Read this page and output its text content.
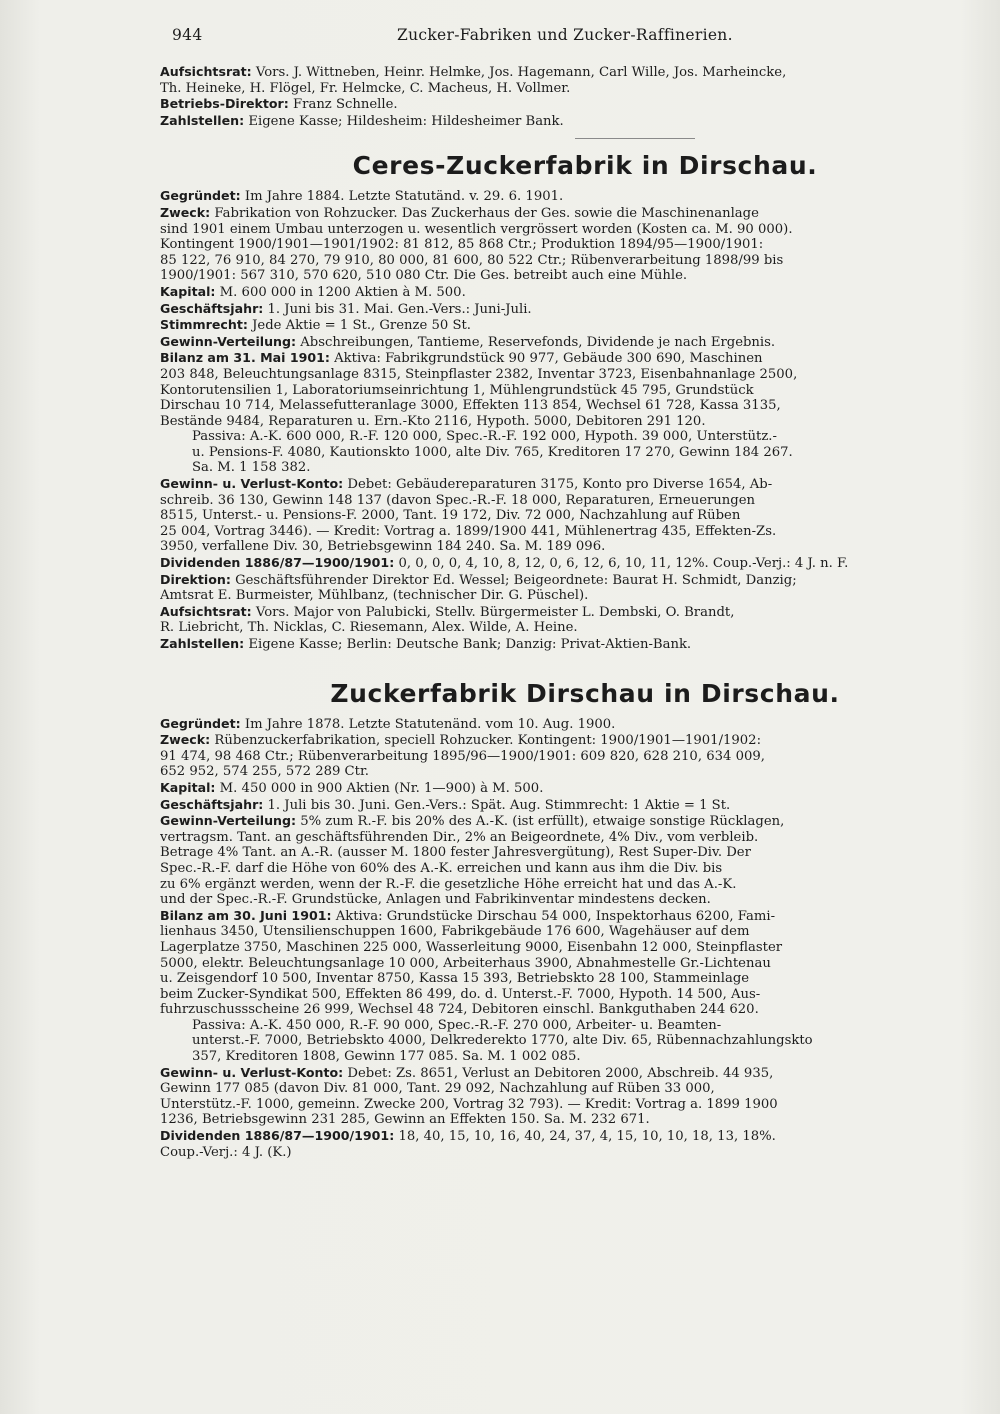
944	Zucker-Fabriken und Zucker-Raffinerien.
Aufsichtsrat: Vors. J. Wittneben, Heinr. Helmke, Jos. Hagemann, Carl Wille, Jos. Marheincke,
Th. Heineke, H. Flögel, Fr. Helmcke, C. Macheus, H. Vollmer.
Betriebs-Direktor: Franz Schnelle.
Zahlstellen: Eigene Kasse; Hildesheim: Hildesheimer Bank.
Ceres-Zuckerfabrik in Dirschau.
Gegründet: Im Jahre 1884. Letzte Statutänd. v. 29. 6. 1901.
Zweck: Fabrikation von Rohzucker. Das Zuckerhaus der Ges. sowie die Maschinenanlage
sind 1901 einem Umbau unterzogen u. wesentlich vergrössert worden (Kosten ca. M. 90 000).
Kontingent 1900/1901—1901/1902: 81 812, 85 868 Ctr.; Produktion 1894/95—1900/1901:
85 122, 76 910, 84 270, 79 910, 80 000, 81 600, 80 522 Ctr.; Rübenverarbeitung 1898/99 bis
1900/1901: 567 310, 570 620, 510 080 Ctr. Die Ges. betreibt auch eine Mühle.
Kapital: M. 600 000 in 1200 Aktien à M. 500.
Geschäftsjahr: 1. Juni bis 31. Mai. Gen.-Vers.: Juni-Juli.
Stimmrecht: Jede Aktie = 1 St., Grenze 50 St.
Gewinn-Verteilung: Abschreibungen, Tantieme, Reservefonds, Dividende je nach Ergebnis.
Bilanz am 31. Mai 1901: Aktiva: Fabrikgrundstück 90 977, Gebäude 300 690, Maschinen
203 848, Beleuchtungsanlage 8315, Steinpflaster 2382, Inventar 3723, Eisenbahnanlage 2500,
Kontorutensilien 1, Laboratoriumseinrichtung 1, Mühlengrundstück 45 795, Grundstück
Dirschau 10 714, Melassefutteranlage 3000, Effekten 113 854, Wechsel 61 728, Kassa 3135,
Bestände 9484, Reparaturen u. Ern.-Kto 2116, Hypoth. 5000, Debitoren 291 120.
Passiva: A.-K. 600 000, R.-F. 120 000, Spec.-R.-F. 192 000, Hypoth. 39 000, Unterstütz.-
u. Pensions-F. 4080, Kautionskto 1000, alte Div. 765, Kreditoren 17 270, Gewinn 184 267.
Sa. M. 1 158 382.
Gewinn- u. Verlust-Konto: Debet: Gebäudereparaturen 3175, Konto pro Diverse 1654, Ab-
schreib. 36 130, Gewinn 148 137 (davon Spec.-R.-F. 18 000, Reparaturen, Erneuerungen
8515, Unterst.- u. Pensions-F. 2000, Tant. 19 172, Div. 72 000, Nachzahlung auf Rüben
25 004, Vortrag 3446). — Kredit: Vortrag a. 1899/1900 441, Mühlenertrag 435, Effekten-Zs.
3950, verfallene Div. 30, Betriebsgewinn 184 240. Sa. M. 189 096.
Dividenden 1886/87—1900/1901: 0, 0, 0, 0, 4, 10, 8, 12, 0, 6, 12, 6, 10, 11, 12%. Coup.-Verj.: 4 J. n. F.
Direktion: Geschäftsführender Direktor Ed. Wessel; Beigeordnete: Baurat H. Schmidt, Danzig;
Amtsrat E. Burmeister, Mühlbanz, (technischer Dir. G. Püschel).
Aufsichtsrat: Vors. Major von Palubicki, Stellv. Bürgermeister L. Dembski, O. Brandt,
R. Liebricht, Th. Nicklas, C. Riesemann, Alex. Wilde, A. Heine.
Zahlstellen: Eigene Kasse; Berlin: Deutsche Bank; Danzig: Privat-Aktien-Bank.
Zuckerfabrik Dirschau in Dirschau.
Gegründet: Im Jahre 1878. Letzte Statutenänd. vom 10. Aug. 1900.
Zweck: Rübenzuckerfabrikation, speciell Rohzucker. Kontingent: 1900/1901—1901/1902:
91 474, 98 468 Ctr.; Rübenverarbeitung 1895/96—1900/1901: 609 820, 628 210, 634 009,
652 952, 574 255, 572 289 Ctr.
Kapital: M. 450 000 in 900 Aktien (Nr. 1—900) à M. 500.
Geschäftsjahr: 1. Juli bis 30. Juni. Gen.-Vers.: Spät. Aug. Stimmrecht: 1 Aktie = 1 St.
Gewinn-Verteilung: 5% zum R.-F. bis 20% des A.-K. (ist erfüllt), etwaige sonstige Rücklagen,
vertragsm. Tant. an geschäftsführenden Dir., 2% an Beigeordnete, 4% Div., vom verbleib.
Betrage 4% Tant. an A.-R. (ausser M. 1800 fester Jahresvergütung), Rest Super-Div. Der
Spec.-R.-F. darf die Höhe von 60% des A.-K. erreichen und kann aus ihm die Div. bis
zu 6% ergänzt werden, wenn der R.-F. die gesetzliche Höhe erreicht hat und das A.-K.
und der Spec.-R.-F. Grundstücke, Anlagen und Fabrikinventar mindestens decken.
Bilanz am 30. Juni 1901: Aktiva: Grundstücke Dirschau 54 000, Inspektorhaus 6200, Fami-
lienhaus 3450, Utensilienschuppen 1600, Fabrikgebäude 176 600, Wagehäuser auf dem
Lagerplatze 3750, Maschinen 225 000, Wasserleitung 9000, Eisenbahn 12 000, Steinpflaster
5000, elektr. Beleuchtungsanlage 10 000, Arbeiterhaus 3900, Abnahmestelle Gr.-Lichtenau
u. Zeisgendorf 10 500, Inventar 8750, Kassa 15 393, Betriebskto 28 100, Stammeinlage
beim Zucker-Syndikat 500, Effekten 86 499, do. d. Unterst.-F. 7000, Hypoth. 14 500, Aus-
fuhrzuschussscheine 26 999, Wechsel 48 724, Debitoren einschl. Bankguthaben 244 620.
Passiva: A.-K. 450 000, R.-F. 90 000, Spec.-R.-F. 270 000, Arbeiter- u. Beamten-
unterst.-F. 7000, Betriebskto 4000, Delkrederekto 1770, alte Div. 65, Rübennachzahlungskto
357, Kreditoren 1808, Gewinn 177 085. Sa. M. 1 002 085.
Gewinn- u. Verlust-Konto: Debet: Zs. 8651, Verlust an Debitoren 2000, Abschreib. 44 935,
Gewinn 177 085 (davon Div. 81 000, Tant. 29 092, Nachzahlung auf Rüben 33 000,
Unterstütz.-F. 1000, gemeinn. Zwecke 200, Vortrag 32 793). — Kredit: Vortrag a. 1899 1900
1236, Betriebsgewinn 231 285, Gewinn an Effekten 150. Sa. M. 232 671.
Dividenden 1886/87—1900/1901: 18, 40, 15, 10, 16, 40, 24, 37, 4, 15, 10, 10, 18, 13, 18%.
Coup.-Verj.: 4 J. (K.)
